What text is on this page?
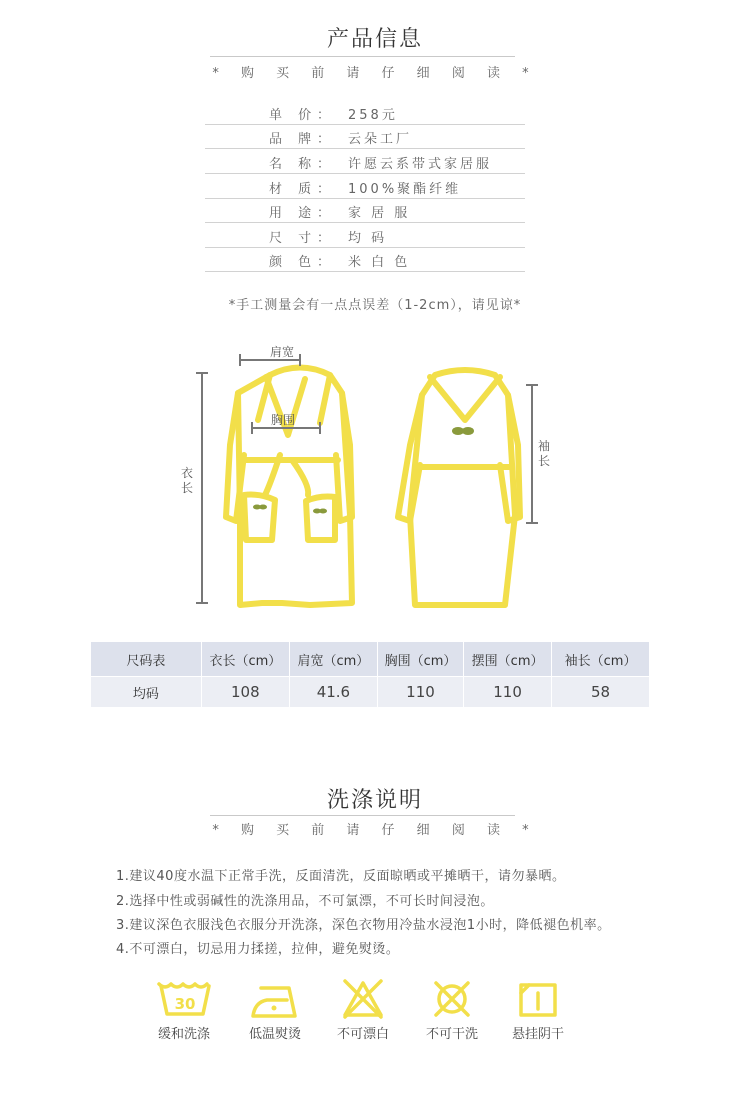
产品信息
* 购 买 前 请 仔 细 阅 读 *
单 价 ： 258元
品 牌 ： 云朵工厂
名 称 ： 许愿云系带式家居服
材 质 ： 100%聚酯纤维
用 途 ： 家 居 服
尺 寸 ： 均 码
颜 色 ： 米 白 色
*手工测量会有一点点误差（1-2cm），请见谅*
肩宽
胸围
衣长
袖长
尺码表	衣长（cm）	肩宽（cm）	胸围（cm）	摆围（cm）	袖长（cm）
均码	108	41.6	110	110	58
洗涤说明
* 购 买 前 请 仔 细 阅 读 *
1.建议40度水温下正常手洗，反面清洗，反面晾晒或平摊晒干，请勿暴晒。
2.选择中性或弱碱性的洗涤用品，不可氯漂，不可长时间浸泡。
3.建议深色衣服浅色衣服分开洗涤，深色衣物用冷盐水浸泡1小时，降低褪色机率。
4.不可漂白，切忌用力揉搓，拉伸，避免熨烫。
30
缓和洗涤	低温熨烫	不可漂白	不可干洗	悬挂阴干
